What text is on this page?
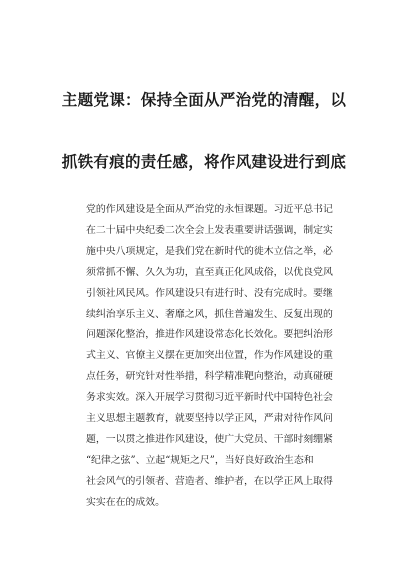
主题党课：保持全面从严治党的清醒，以
抓铁有痕的责任感，将作风建设进行到底
党的作风建设是全面从严治党的永恒课题。习近平总书记
在二十届中央纪委二次全会上发表重要讲话强调，制定实
施中央八项规定，是我们党在新时代的徙木立信之举，必
须常抓不懈、久久为功，直至真正化风成俗，以优良党风
引领社风民风。作风建设只有进行时、没有完成时。要继
续纠治享乐主义、奢靡之风，抓住普遍发生、反复出现的
问题深化整治，推进作风建设常态化长效化。要把纠治形
式主义、官僚主义摆在更加突出位置，作为作风建设的重
点任务，研究针对性举措，科学精准靶向整治，动真碰硬
务求实效。深入开展学习贯彻习近平新时代中国特色社会
主义思想主题教育，就要坚持以学正风，严肃对待作风问
题，一以贯之推进作风建设，使广大党员、干部时刻绷紧
“纪律之弦”、立起“规矩之尺”，当好良好政治生态和
社会风气的引领者、营造者、维护者，在以学正风上取得
实实在在的成效。
